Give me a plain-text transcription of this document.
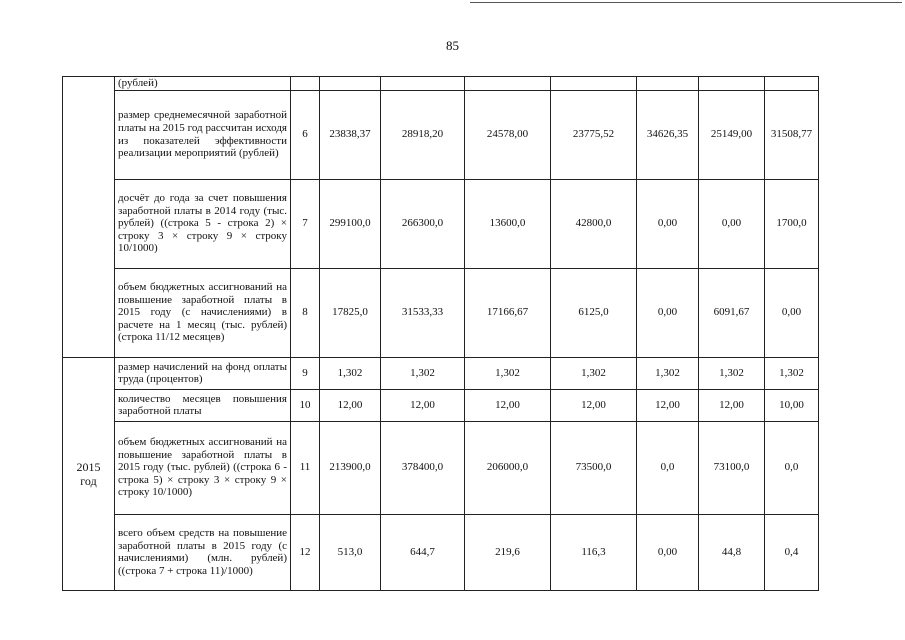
85
	(рублей)								
	размер среднемесячной заработной платы на 2015 год рассчитан исходя из показателей эффективности реализации мероприятий (рублей)	6	23838,37	28918,20	24578,00	23775,52	34626,35	25149,00	31508,77
	досчёт до года за счет повышения заработной платы в 2014 году (тыс. рублей) ((строка 5 - строка 2) × строку 3 × строку 9 × строку 10/1000)	7	299100,0	266300,0	13600,0	42800,0	0,00	0,00	1700,0
	объем бюджетных ассигнований на повышение заработной платы в 2015 году (с начислениями) в расчете на 1 месяц (тыс. рублей) (строка 11/12 месяцев)	8	17825,0	31533,33	17166,67	6125,0	0,00	6091,67	0,00

2015
год	размер начислений на фонд оплаты труда (процентов)	9	1,302	1,302	1,302	1,302	1,302	1,302	1,302
	количество месяцев повышения заработной платы	10	12,00	12,00	12,00	12,00	12,00	12,00	10,00
	объем бюджетных ассигнований на повышение заработной платы в 2015 году (тыс. рублей) ((строка 6 - строка 5) × строку 3 × строку 9 × строку 10/1000)	11	213900,0	378400,0	206000,0	73500,0	0,0	73100,0	0,0
	всего объем средств на повышение заработной платы в 2015 году (с начислениями) (млн. рублей) ((строка 7 + строка 11)/1000)	12	513,0	644,7	219,6	116,3	0,00	44,8	0,4
